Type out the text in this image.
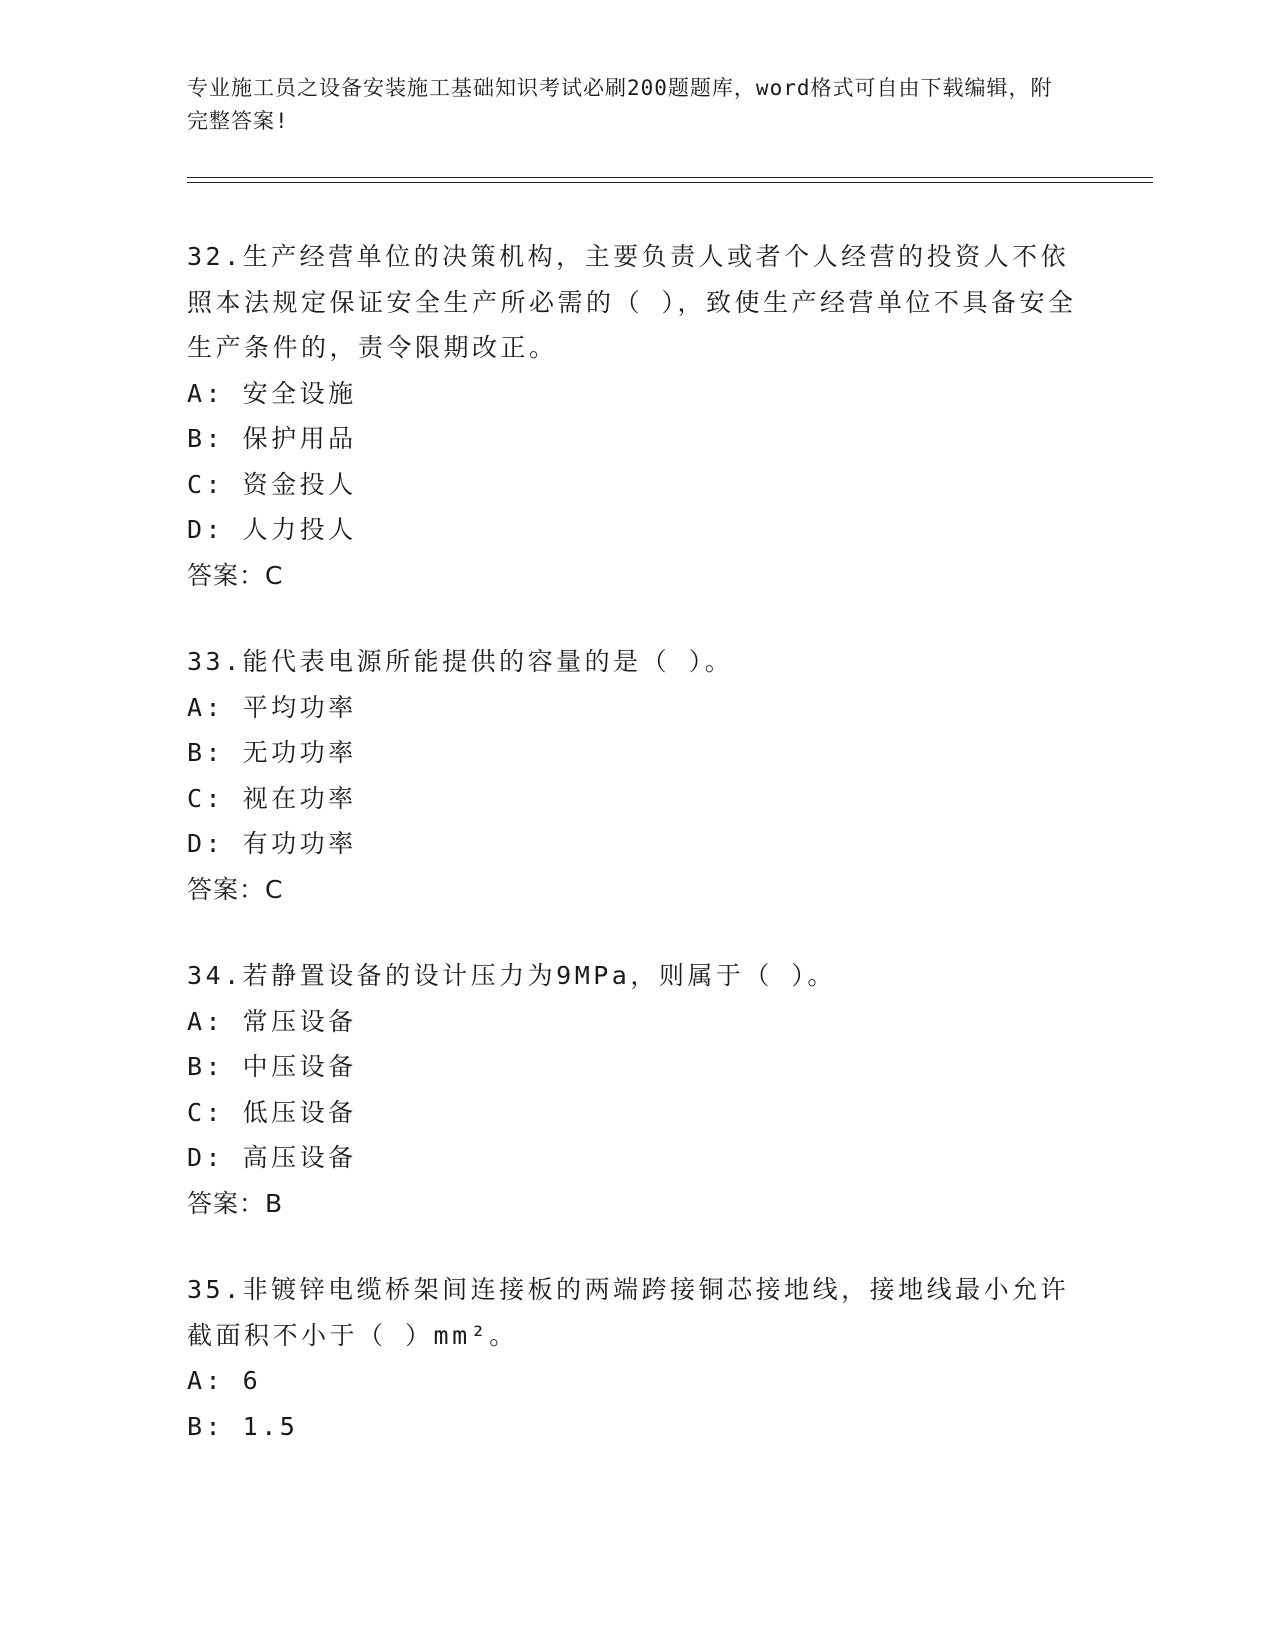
专业施工员之设备安装施工基础知识考试必刷200题题库，word格式可自由下载编辑，附完整答案!

32.生产经营单位的决策机构，主要负责人或者个人经营的投资人不依照本法规定保证安全生产所必需的（ ），致使生产经营单位不具备安全生产条件的，责令限期改正。

A: 安全设施

B: 保护用品

C: 资金投人

D: 人力投人

答案：C

33.能代表电源所能提供的容量的是（ ）。

A: 平均功率

B: 无功功率

C: 视在功率

D: 有功功率

答案：C

34.若静置设备的设计压力为9MPa，则属于（ ）。

A: 常压设备

B: 中压设备

C: 低压设备

D: 高压设备

答案：B

35.非镀锌电缆桥架间连接板的两端跨接铜芯接地线，接地线最小允许截面积不小于（ ）mm²。

A: 6

B: 1.5
